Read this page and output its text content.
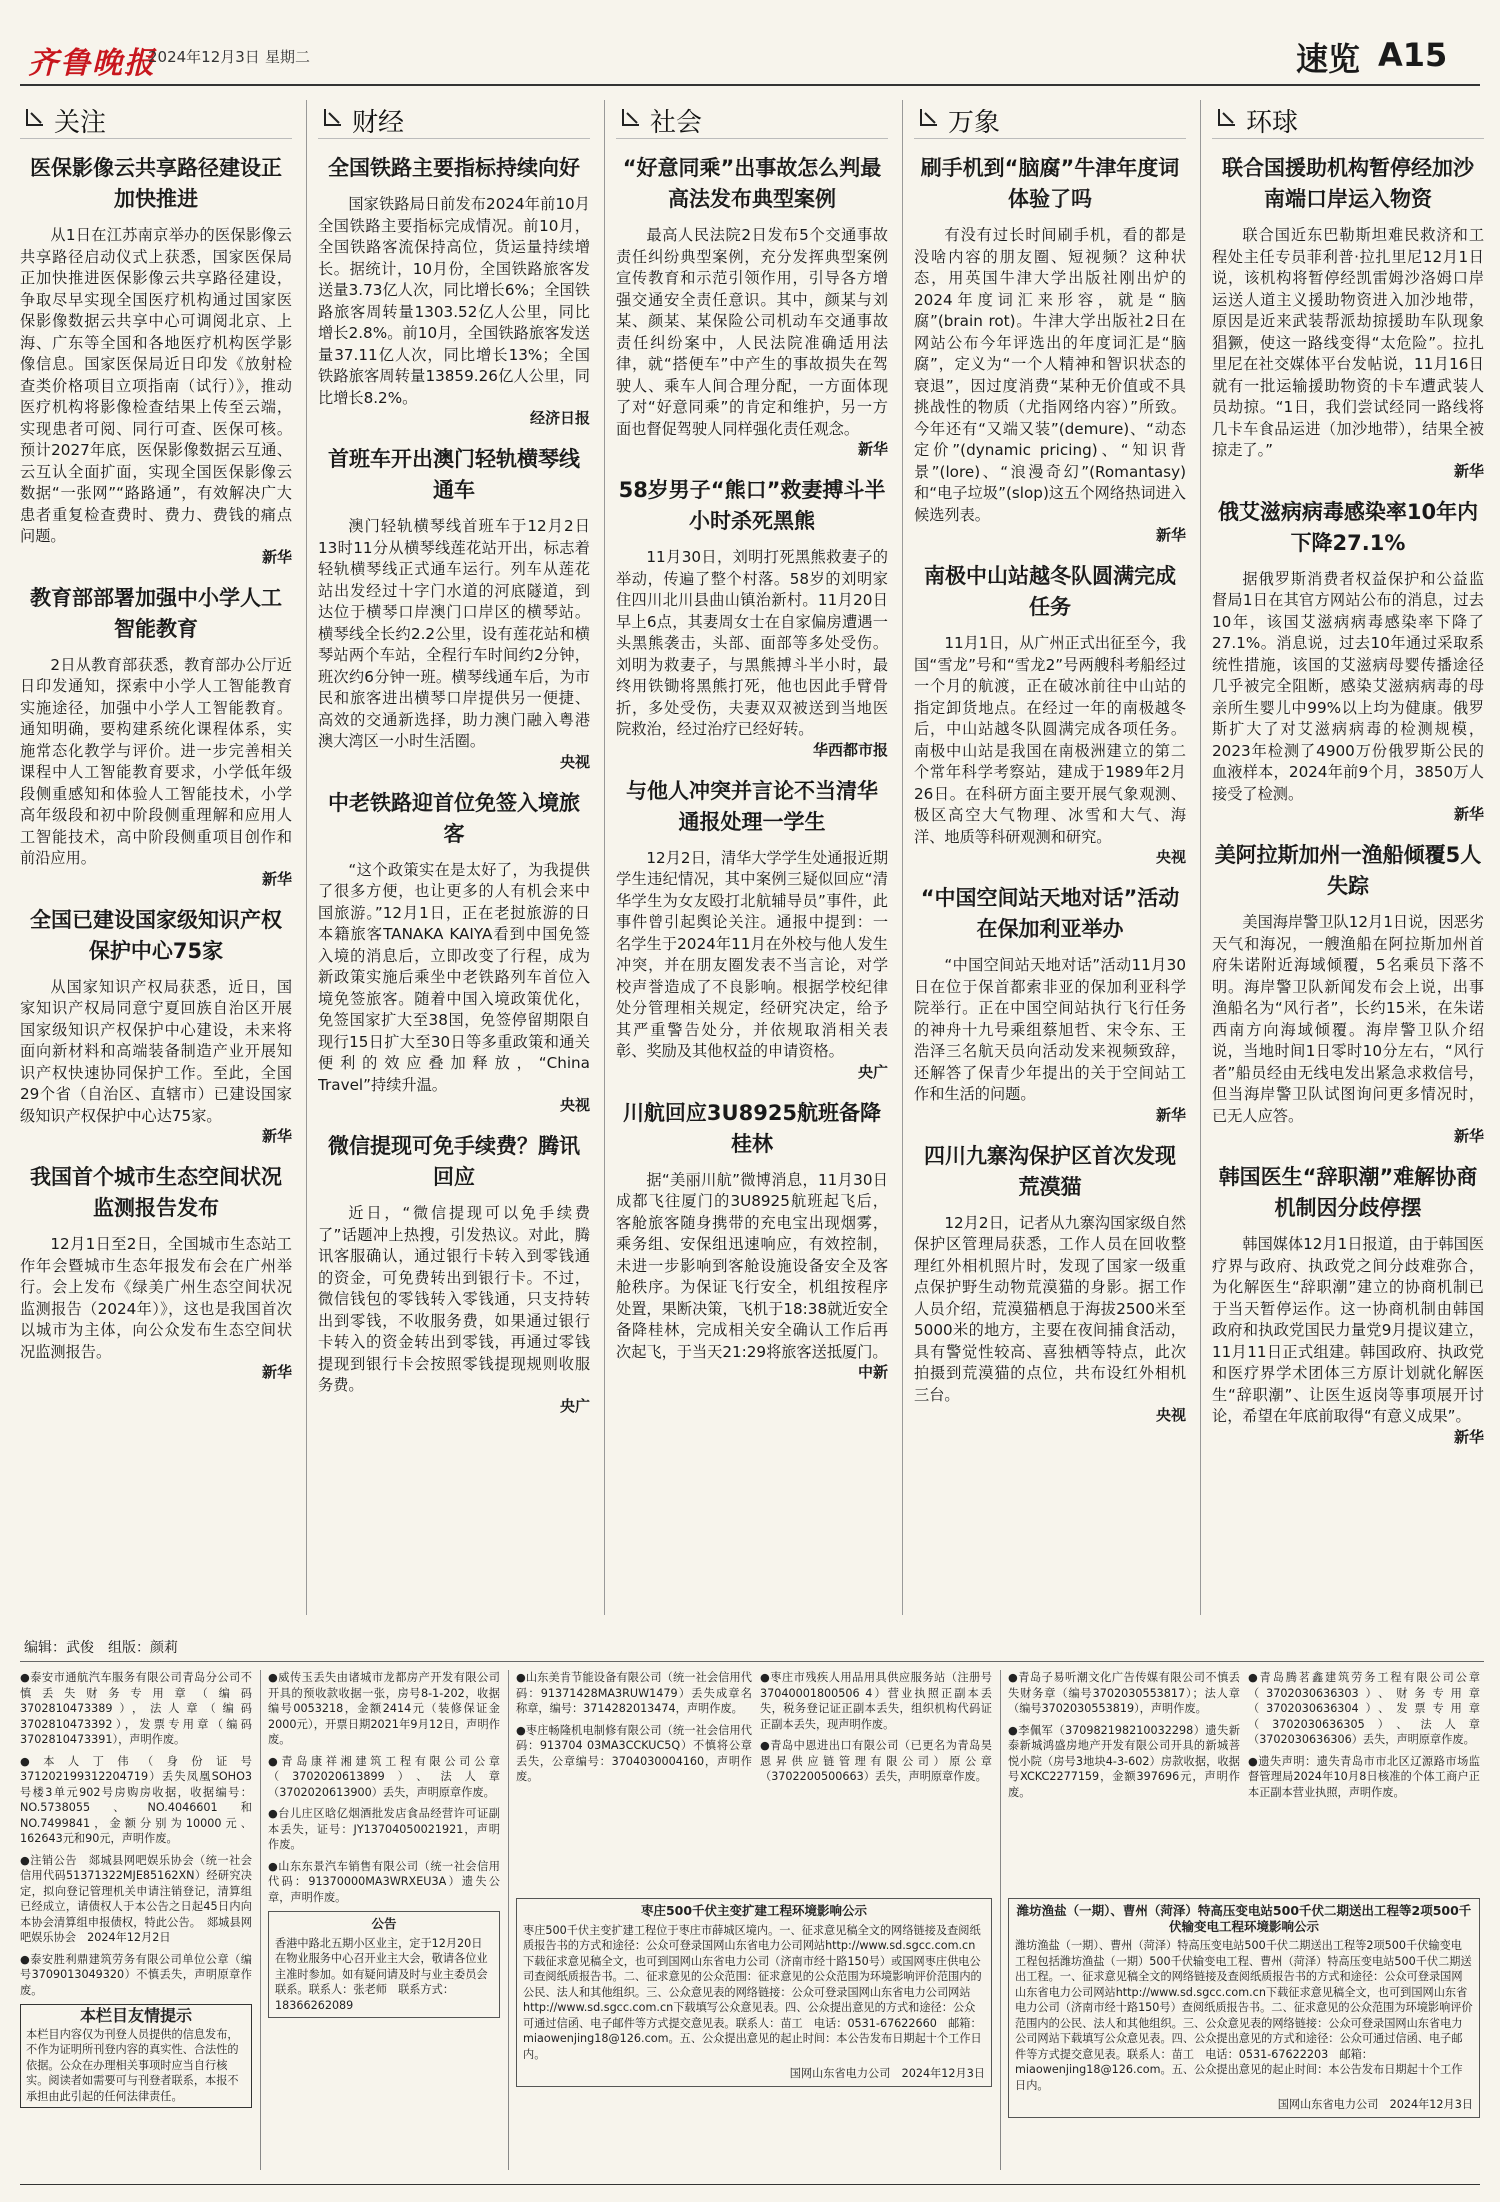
齐鲁晚报
2024年12月3日 星期二	速览 A15
关注
医保影像云共享路径建设正加快推进

从1日在江苏南京举办的医保影像云共享路径启动仪式上获悉，国家医保局正加快推进医保影像云共享路径建设，争取尽早实现全国医疗机构通过国家医保影像数据云共享中心可调阅北京、上海、广东等全国和各地医疗机构医学影像信息。国家医保局近日印发《放射检查类价格项目立项指南（试行）》，推动医疗机构将影像检查结果上传至云端，实现患者可阅、同行可查、医保可核。预计2027年底，医保影像数据云互通、云互认全面扩面，实现全国医保影像云数据“一张网”“路路通”，有效解决广大患者重复检查费时、费力、费钱的痛点问题。

新华
教育部部署加强中小学人工智能教育

2日从教育部获悉，教育部办公厅近日印发通知，探索中小学人工智能教育实施途径，加强中小学人工智能教育。通知明确，要构建系统化课程体系，实施常态化教学与评价。进一步完善相关课程中人工智能教育要求，小学低年级段侧重感知和体验人工智能技术，小学高年级段和初中阶段侧重理解和应用人工智能技术，高中阶段侧重项目创作和前沿应用。

新华
全国已建设国家级知识产权保护中心75家

从国家知识产权局获悉，近日，国家知识产权局同意宁夏回族自治区开展国家级知识产权保护中心建设，未来将面向新材料和高端装备制造产业开展知识产权快速协同保护工作。至此，全国29个省（自治区、直辖市）已建设国家级知识产权保护中心达75家。

新华
我国首个城市生态空间状况监测报告发布

12月1日至2日，全国城市生态站工作年会暨城市生态年报发布会在广州举行。会上发布《绿美广州生态空间状况监测报告（2024年）》，这也是我国首次以城市为主体，向公众发布生态空间状况监测报告。

新华
财经
全国铁路主要指标持续向好

国家铁路局日前发布2024年前10月全国铁路主要指标完成情况。前10月，全国铁路客流保持高位，货运量持续增长。据统计，10月份，全国铁路旅客发送量3.73亿人次，同比增长6%；全国铁路旅客周转量1303.52亿人公里，同比增长2.8%。前10月，全国铁路旅客发送量37.11亿人次，同比增长13%；全国铁路旅客周转量13859.26亿人公里，同比增长8.2%。

经济日报
首班车开出澳门轻轨横琴线通车

澳门轻轨横琴线首班车于12月2日13时11分从横琴线莲花站开出，标志着轻轨横琴线正式通车运行。列车从莲花站出发经过十字门水道的河底隧道，到达位于横琴口岸澳门口岸区的横琴站。横琴线全长约2.2公里，设有莲花站和横琴站两个车站，全程行车时间约2分钟，班次约6分钟一班。横琴线通车后，为市民和旅客进出横琴口岸提供另一便捷、高效的交通新选择，助力澳门融入粤港澳大湾区一小时生活圈。

央视
中老铁路迎首位免签入境旅客

“这个政策实在是太好了，为我提供了很多方便，也让更多的人有机会来中国旅游。”12月1日，正在老挝旅游的日本籍旅客TANAKA KAIYA看到中国免签入境的消息后，立即改变了行程，成为新政策实施后乘坐中老铁路列车首位入境免签旅客。随着中国入境政策优化，免签国家扩大至38国，免签停留期限自现行15日扩大至30日等多重政策和通关便利的效应叠加释放，“China Travel”持续升温。

央视
微信提现可免手续费？腾讯回应

近日，“微信提现可以免手续费了”话题冲上热搜，引发热议。对此，腾讯客服确认，通过银行卡转入到零钱通的资金，可免费转出到银行卡。不过，微信钱包的零钱转入零钱通，只支持转出到零钱，不收服务费，如果通过银行卡转入的资金转出到零钱，再通过零钱提现到银行卡会按照零钱提现规则收服务费。

央广
社会
“好意同乘”出事故怎么判最高法发布典型案例

最高人民法院2日发布5个交通事故责任纠纷典型案例，充分发挥典型案例宣传教育和示范引领作用，引导各方增强交通安全责任意识。其中，颜某与刘某、颜某、某保险公司机动车交通事故责任纠纷案中，人民法院准确适用法律，就“搭便车”中产生的事故损失在驾驶人、乘车人间合理分配，一方面体现了对“好意同乘”的肯定和维护，另一方面也督促驾驶人同样强化责任观念。

新华
58岁男子“熊口”救妻搏斗半小时杀死黑熊

11月30日，刘明打死黑熊救妻子的举动，传遍了整个村落。58岁的刘明家住四川北川县曲山镇治新村。11月20日早上6点，其妻周女士在自家偏房遭遇一头黑熊袭击，头部、面部等多处受伤。刘明为救妻子，与黑熊搏斗半小时，最终用铁锄将黑熊打死，他也因此手臂骨折，多处受伤，夫妻双双被送到当地医院救治，经过治疗已经好转。

华西都市报
与他人冲突并言论不当清华通报处理一学生

12月2日，清华大学学生处通报近期学生违纪情况，其中案例三疑似回应“清华学生为女友殴打北航辅导员”事件，此事件曾引起舆论关注。通报中提到：一名学生于2024年11月在外校与他人发生冲突，并在朋友圈发表不当言论，对学校声誉造成了不良影响。根据学校纪律处分管理相关规定，经研究决定，给予其严重警告处分，并依规取消相关表彰、奖励及其他权益的申请资格。

央广
川航回应3U8925航班备降桂林

据“美丽川航”微博消息，11月30日成都飞往厦门的3U8925航班起飞后，客舱旅客随身携带的充电宝出现烟雾，乘务组、安保组迅速响应，有效控制，未进一步影响到客舱设施设备安全及客舱秩序。为保证飞行安全，机组按程序处置，果断决策，飞机于18:38就近安全备降桂林，完成相关安全确认工作后再次起飞，于当天21:29将旅客送抵厦门。

中新
万象
刷手机到“脑腐”牛津年度词体验了吗

有没有过长时间刷手机，看的都是没啥内容的朋友圈、短视频？这种状态，用英国牛津大学出版社刚出炉的2024年度词汇来形容，就是“脑腐”(brain rot)。牛津大学出版社2日在网站公布今年评选出的年度词汇是“脑腐”，定义为“一个人精神和智识状态的衰退”，因过度消费“某种无价值或不具挑战性的物质（尤指网络内容）”所致。今年还有“又端又装”(demure)、“动态定价”(dynamic pricing)、“知识背景”(lore)、“浪漫奇幻”(Romantasy)和“电子垃圾”(slop)这五个网络热词进入候选列表。

新华
南极中山站越冬队圆满完成任务

11月1日，从广州正式出征至今，我国“雪龙”号和“雪龙2”号两艘科考船经过一个月的航渡，正在破冰前往中山站的指定卸货地点。在经过一年的南极越冬后，中山站越冬队圆满完成各项任务。南极中山站是我国在南极洲建立的第二个常年科学考察站，建成于1989年2月26日。在科研方面主要开展气象观测、极区高空大气物理、冰雪和大气、海洋、地质等科研观测和研究。

央视
“中国空间站天地对话”活动在保加利亚举办

“中国空间站天地对话”活动11月30日在位于保首都索非亚的保加利亚科学院举行。正在中国空间站执行飞行任务的神舟十九号乘组蔡旭哲、宋令东、王浩泽三名航天员向活动发来视频致辞，还解答了保青少年提出的关于空间站工作和生活的问题。

新华
四川九寨沟保护区首次发现荒漠猫

12月2日，记者从九寨沟国家级自然保护区管理局获悉，工作人员在回收整理红外相机照片时，发现了国家一级重点保护野生动物荒漠猫的身影。据工作人员介绍，荒漠猫栖息于海拔2500米至5000米的地方，主要在夜间捕食活动，具有警觉性较高、喜独栖等特点，此次拍摄到荒漠猫的点位，共布设红外相机三台。

央视
环球
联合国援助机构暂停经加沙南端口岸运入物资

联合国近东巴勒斯坦难民救济和工程处主任专员菲利普·拉扎里尼12月1日说，该机构将暂停经凯雷姆沙洛姆口岸运送人道主义援助物资进入加沙地带，原因是近来武装帮派劫掠援助车队现象猖獗，使这一路线变得“太危险”。拉扎里尼在社交媒体平台发帖说，11月16日就有一批运输援助物资的卡车遭武装人员劫掠。“1日，我们尝试经同一路线将几卡车食品运进（加沙地带），结果全被掠走了。”

新华
俄艾滋病病毒感染率10年内下降27.1%

据俄罗斯消费者权益保护和公益监督局1日在其官方网站公布的消息，过去10年，该国艾滋病病毒感染率下降了27.1%。消息说，过去10年通过采取系统性措施，该国的艾滋病母婴传播途径几乎被完全阻断，感染艾滋病病毒的母亲所生婴儿中99%以上均为健康。俄罗斯扩大了对艾滋病病毒的检测规模，2023年检测了4900万份俄罗斯公民的血液样本，2024年前9个月，3850万人接受了检测。

新华
美阿拉斯加州一渔船倾覆5人失踪

美国海岸警卫队12月1日说，因恶劣天气和海况，一艘渔船在阿拉斯加州首府朱诺附近海域倾覆，5名乘员下落不明。海岸警卫队新闻发布会上说，出事渔船名为“风行者”，长约15米，在朱诺西南方向海域倾覆。海岸警卫队介绍说，当地时间1日零时10分左右，“风行者”船员经由无线电发出紧急求救信号，但当海岸警卫队试图询问更多情况时，已无人应答。

新华
韩国医生“辞职潮”难解协商机制因分歧停摆

韩国媒体12月1日报道，由于韩国医疗界与政府、执政党之间分歧难弥合，为化解医生“辞职潮”建立的协商机制已于当天暂停运作。这一协商机制由韩国政府和执政党国民力量党9月提议建立，11月11日正式组建。韩国政府、执政党和医疗界学术团体三方原计划就化解医生“辞职潮”、让医生返岗等事项展开讨论，希望在年底前取得“有意义成果”。

新华
编辑：武俊　组版：颜莉
●泰安市通航汽车服务有限公司青岛分公司不慎丢失财务专用章（编码3702810473389），法人章（编码3702810473392），发票专用章（编码3702810473391），声明作废。
●本人丁伟（身份证号371202199312204719）丢失凤凰SOHO3号楼3单元902号房购房收据，收据编号：NO.5738055、NO.4046601和NO.7499841，金额分别为10000元、162643元和90元，声明作废。
●注销公告　郯城县网吧娱乐协会（统一社会信用代码51371322MJE85162XN）经研究决定，拟向登记管理机关申请注销登记，清算组已经成立，请债权人于本公告之日起45日内向本协会清算组申报债权，特此公告。　郯城县网吧娱乐协会　2024年12月2日
●泰安胜利鼎建筑劳务有限公司单位公章（编号3709013049320）不慎丢失，声明原章作废。
本栏目友情提示
本栏目内容仅为刊登人员提供的信息发布，不作为证明所刊登内容的真实性、合法性的依据。公众在办理相关事项时应当自行核实。阅读者如需要可与刊登者联系，本报不承担由此引起的任何法律责任。
●威传玉丢失由诸城市龙都房产开发有限公司开具的预收款收据一张，房号8-1-202，收据编号0053218，金额2414元（装修保证金2000元），开票日期2021年9月12日，声明作废。
●青岛康祥湘建筑工程有限公司公章（3702020613899）、法人章（3702020613900）丢失，声明原章作废。
●台儿庄区晗亿烟酒批发店食品经营许可证副本丢失，证号：JY13704050021921，声明作废。
●山东东景汽车销售有限公司（统一社会信用代码：91370000MA3WRXEU3A）遗失公章，声明作废。
公告
香港中路北五期小区业主，定于12月20日在物业服务中心召开业主大会，敬请各位业主准时参加。如有疑问请及时与业主委员会联系。联系人：张老师　联系方式：18366262089
●山东美肯节能设备有限公司（统一社会信用代码：91371428MA3RUW1479）丢失成章名称章，编号：3714282013474，声明作废。
●枣庄畅隆机电制修有限公司（统一社会信用代码：913704 03MA3CCKUC5Q）不慎将公章丢失，公章编号：3704030004160，声明作废。
●枣庄市残疾人用品用具供应服务站（注册号37040001800506 4）营业执照正副本丢失，税务登记证正副本丢失，组织机构代码证正副本丢失，现声明作废。
●青岛中恩进出口有限公司（已更名为青岛昊恩昇供应链管理有限公司）原公章（3702200500663）丢失，声明原章作废。
●青岛子易听潮文化广告传媒有限公司不慎丢失财务章（编号3702030553817）；法人章（编号3702030553819），声明作废。
●李佩军（370982198210032298）遗失新泰新城鸿盛房地产开发有限公司开具的新城菩悦小院（房号3地块4-3-602）房款收据，收据号XCKC2277159，金额397696元，声明作废。
●青岛腾茗鑫建筑劳务工程有限公司公章（3702030636303）、财务专用章（3702030636304）、发票专用章（3702030636305）、法人章（3702030636306）丢失，声明原章作废。
●遗失声明：遗失青岛市市北区辽源路市场监督管理局2024年10月8日核准的个体工商户正本正副本营业执照，声明作废。
枣庄500千伏主变扩建工程环境影响公示
枣庄500千伏主变扩建工程位于枣庄市薛城区境内。一、征求意见稿全文的网络链接及查阅纸质报告书的方式和途径：公众可登录国网山东省电力公司网站http://www.sd.sgcc.com.cn下载征求意见稿全文，也可到国网山东省电力公司（济南市经十路150号）或国网枣庄供电公司查阅纸质报告书。二、征求意见的公众范围：征求意见的公众范围为环境影响评价范围内的公民、法人和其他组织。三、公众意见表的网络链接：公众可登录国网山东省电力公司网站http://www.sd.sgcc.com.cn下载填写公众意见表。四、公众提出意见的方式和途径：公众可通过信函、电子邮件等方式提交意见表。联系人：苗工　电话：0531-67622660　邮箱：miaowenjing18@126.com。五、公众提出意见的起止时间：本公告发布日期起十个工作日内。
国网山东省电力公司　2024年12月3日
潍坊渔盐（一期）、曹州（菏泽）特高压变电站500千伏二期送出工程等2项500千伏输变电工程环境影响公示
潍坊渔盐（一期）、曹州（菏泽）特高压变电站500千伏二期送出工程等2项500千伏输变电工程包括潍坊渔盐（一期）500千伏输变电工程、曹州（菏泽）特高压变电站500千伏二期送出工程。一、征求意见稿全文的网络链接及查阅纸质报告书的方式和途径：公众可登录国网山东省电力公司网站http://www.sd.sgcc.com.cn下载征求意见稿全文，也可到国网山东省电力公司（济南市经十路150号）查阅纸质报告书。二、征求意见的公众范围为环境影响评价范围内的公民、法人和其他组织。三、公众意见表的网络链接：公众可登录国网山东省电力公司网站下载填写公众意见表。四、公众提出意见的方式和途径：公众可通过信函、电子邮件等方式提交意见表。联系人：苗工　电话：0531-67622203　邮箱：miaowenjing18@126.com。五、公众提出意见的起止时间：本公告发布日期起十个工作日内。
国网山东省电力公司　2024年12月3日
